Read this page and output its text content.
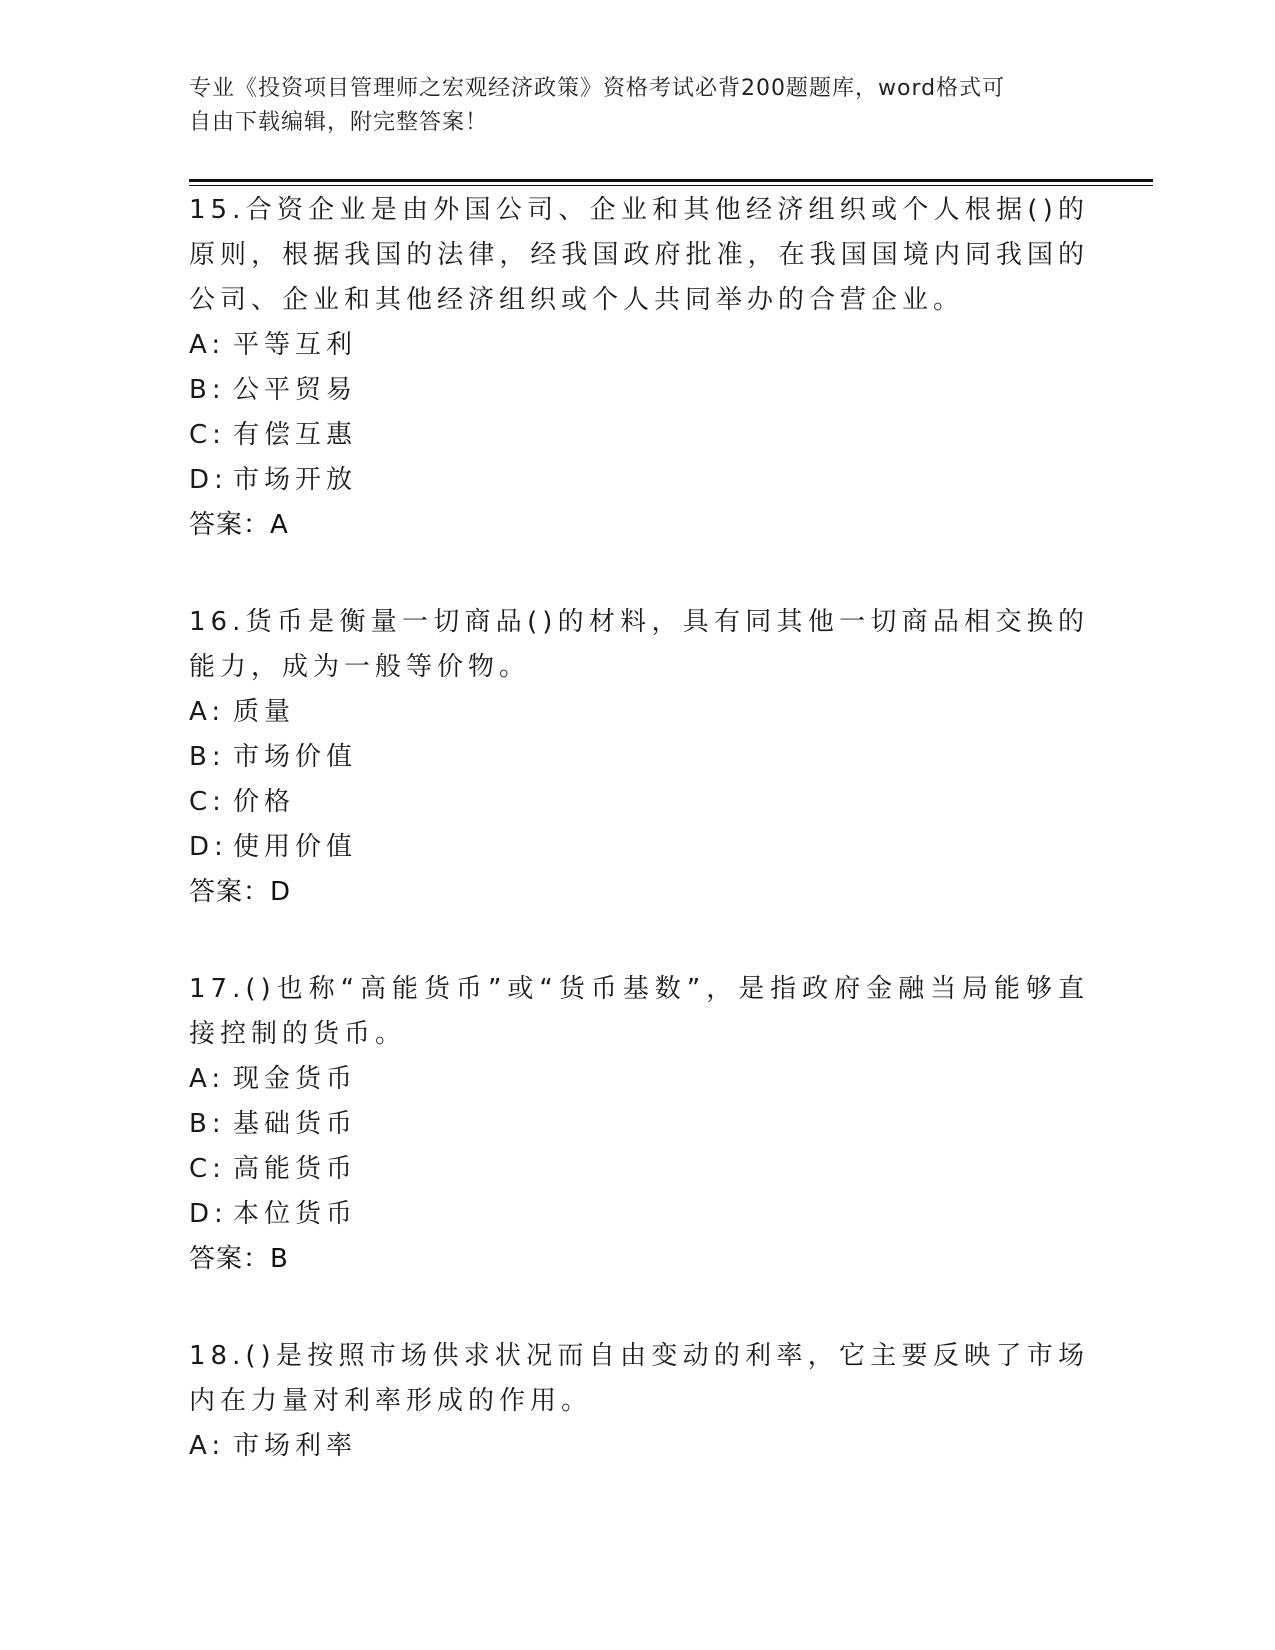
专业《投资项目管理师之宏观经济政策》资格考试必背200题题库，word格式可
自由下载编辑，附完整答案！
15.合资企业是由外国公司、企业和其他经济组织或个人根据()的原则，根据我国的法律，经我国政府批准，在我国国境内同我国的公司、企业和其他经济组织或个人共同举办的合营企业。
A: 平等互利
B: 公平贸易
C: 有偿互惠
D: 市场开放
答案：A
16.货币是衡量一切商品()的材料，具有同其他一切商品相交换的能力，成为一般等价物。
A: 质量
B: 市场价值
C: 价格
D: 使用价值
答案：D
17.()也称“高能货币”或“货币基数”，是指政府金融当局能够直接控制的货币。
A: 现金货币
B: 基础货币
C: 高能货币
D: 本位货币
答案：B
18.()是按照市场供求状况而自由变动的利率，它主要反映了市场内在力量对利率形成的作用。
A: 市场利率
